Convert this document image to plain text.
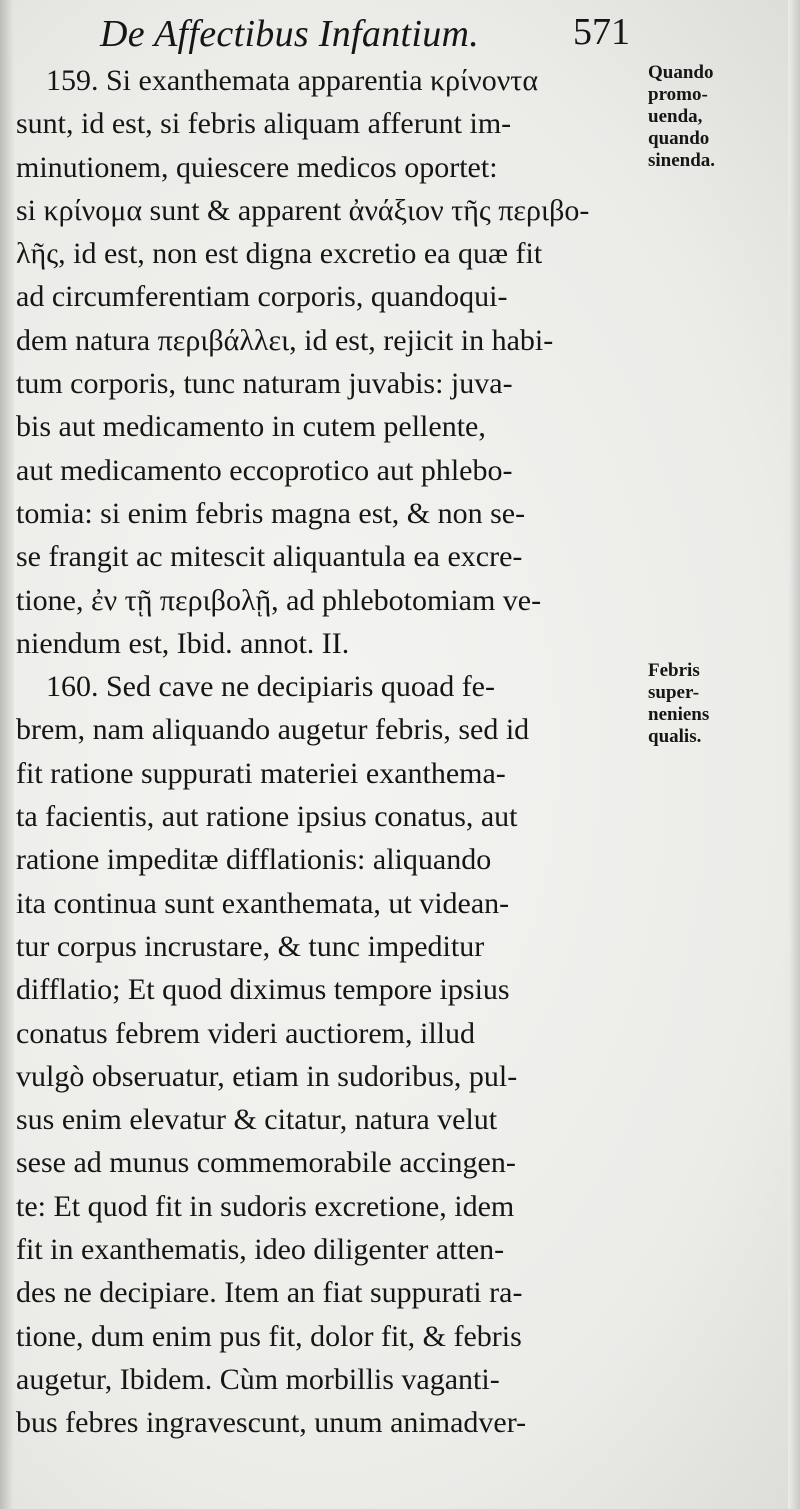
De Affectibus Infantium. 571
159. Si exanthemata apparentia κρίνοντα
sunt, id est, si febris aliquam afferunt im-
minutionem, quiescere medicos oportet:
si κρίνομα sunt & apparent ἀνάξιον τῆς περιβο-
λῆς, id est, non est digna excretio ea quæ fit
ad circumferentiam corporis, quandoqui-
dem natura περιβάλλει, id est, rejicit in habi-
tum corporis, tunc naturam juvabis: juva-
bis aut medicamento in cutem pellente,
aut medicamento eccoprotico aut phlebo-
tomia: si enim febris magna est, & non se-
se frangit ac mitescit aliquantula ea excre-
tione, ἐν τῇ περιβολῇ, ad phlebotomiam ve-
niendum est, Ibid. annot. II.
160. Sed cave ne decipiaris quoad fe-
brem, nam aliquando augetur febris, sed id
fit ratione suppurati materiei exanthema-
ta facientis, aut ratione ipsius conatus, aut
ratione impeditæ difflationis: aliquando
ita continua sunt exanthemata, ut videan-
tur corpus incrustare, & tunc impeditur
difflatio; Et quod diximus tempore ipsius
conatus febrem videri auctiorem, illud
vulgò obseruatur, etiam in sudoribus, pul-
sus enim elevatur & citatur, natura velut
sese ad munus commemorabile accingen-
te: Et quod fit in sudoris excretione, idem
fit in exanthematis, ideo diligenter atten-
des ne decipiare. Item an fiat suppurati ra-
tione, dum enim pus fit, dolor fit, & febris
augetur, Ibidem. Cùm morbillis vaganti-
bus febres ingravescunt, unum animadver-
Quando
promo-
uenda,
quando
sinenda.
Febris
super-
neniens
qualis.
